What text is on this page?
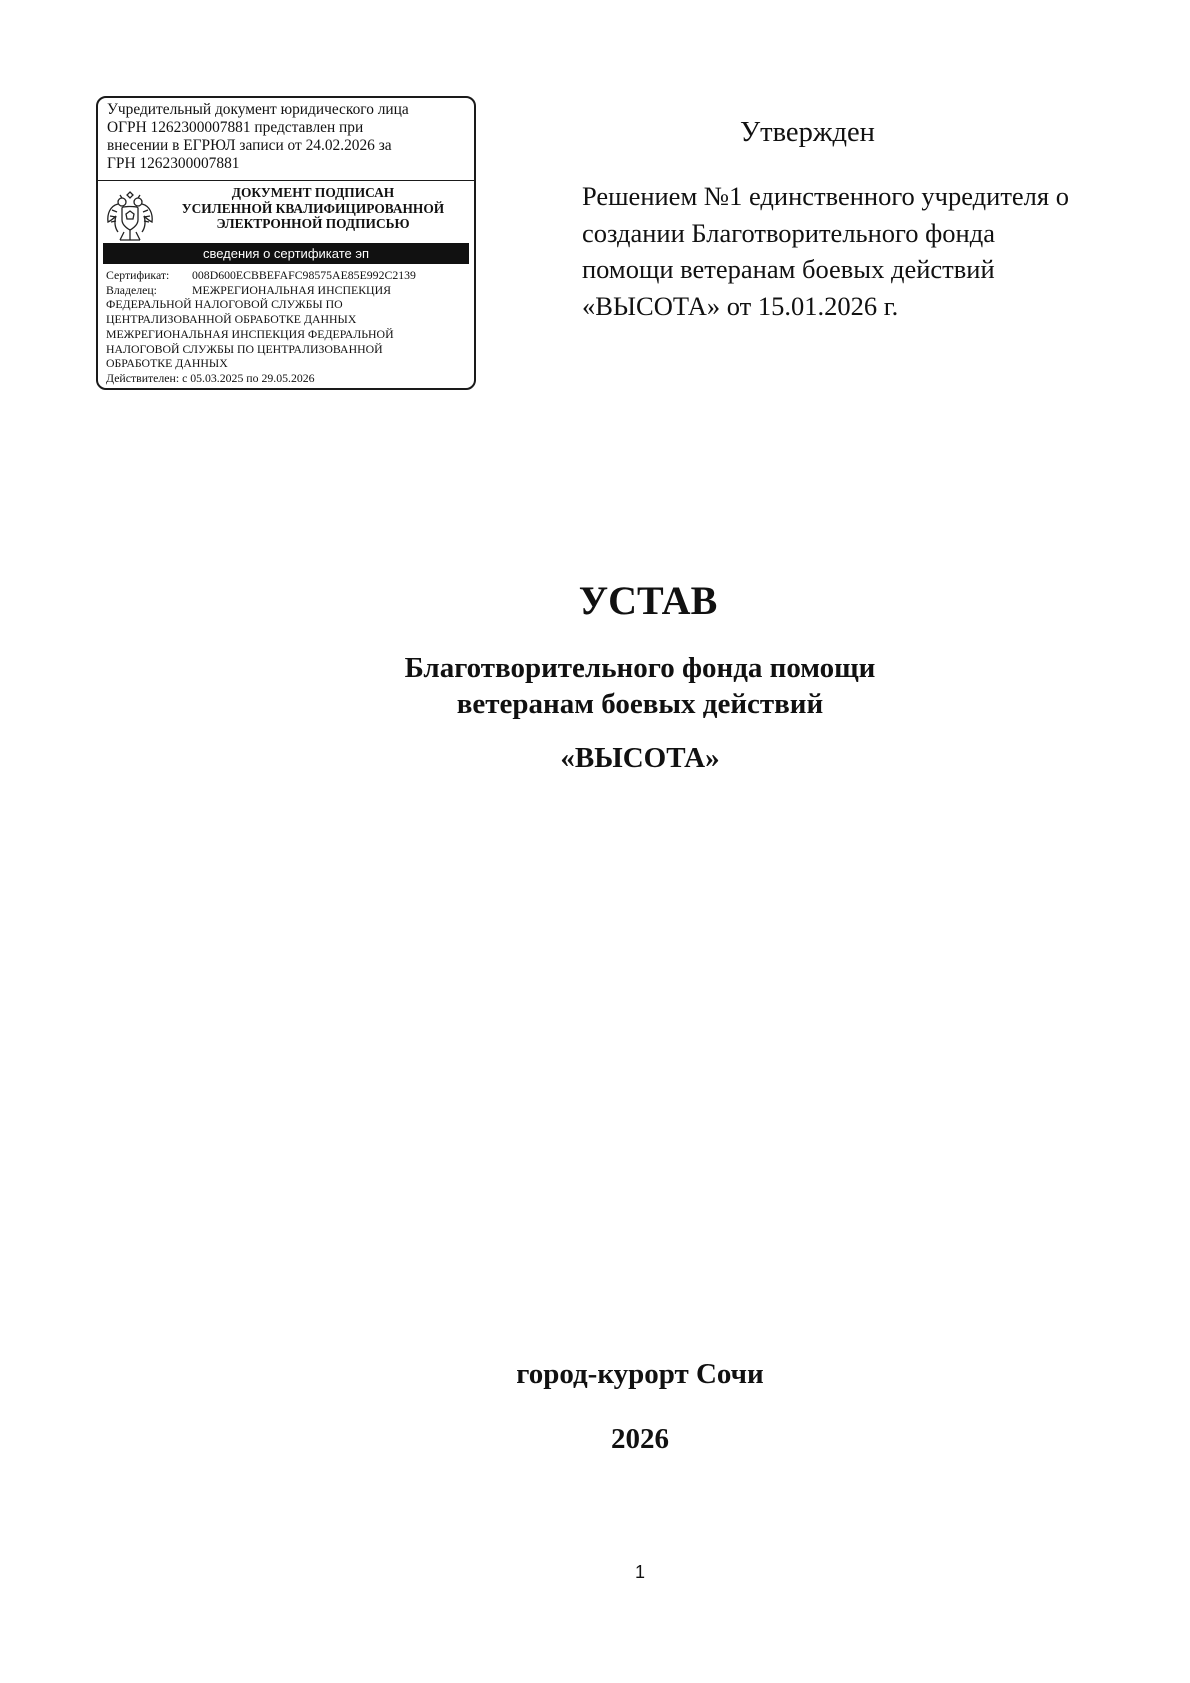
Учредительный документ юридического лица
ОГРН 1262300007881 представлен при
внесении в ЕГРЮЛ записи от 24.02.2026 за
ГРН 1262300007881
ДОКУМЕНТ ПОДПИСАН
УСИЛЕННОЙ КВАЛИФИЦИРОВАННОЙ
ЭЛЕКТРОННОЙ ПОДПИСЬЮ
сведения о сертификате эп
Сертификат:	008D600ECBBEFAFC98575AE85E992C2139
Владелец:	МЕЖРЕГИОНАЛЬНАЯ ИНСПЕКЦИЯ
ФЕДЕРАЛЬНОЙ НАЛОГОВОЙ СЛУЖБЫ ПО
ЦЕНТРАЛИЗОВАННОЙ ОБРАБОТКЕ ДАННЫХ
МЕЖРЕГИОНАЛЬНАЯ ИНСПЕКЦИЯ ФЕДЕРАЛЬНОЙ
НАЛОГОВОЙ СЛУЖБЫ ПО ЦЕНТРАЛИЗОВАННОЙ
ОБРАБОТКЕ ДАННЫХ
Действителен: с 05.03.2025 по 29.05.2026
Утвержден
Решением №1 единственного учредителя о
создании Благотворительного фонда
помощи ветеранам боевых действий
«ВЫСОТА» от 15.01.2026 г.
УСТАВ
Благотворительного фонда помощи
ветеранам боевых действий
«ВЫСОТА»
город-курорт Сочи
2026
1
